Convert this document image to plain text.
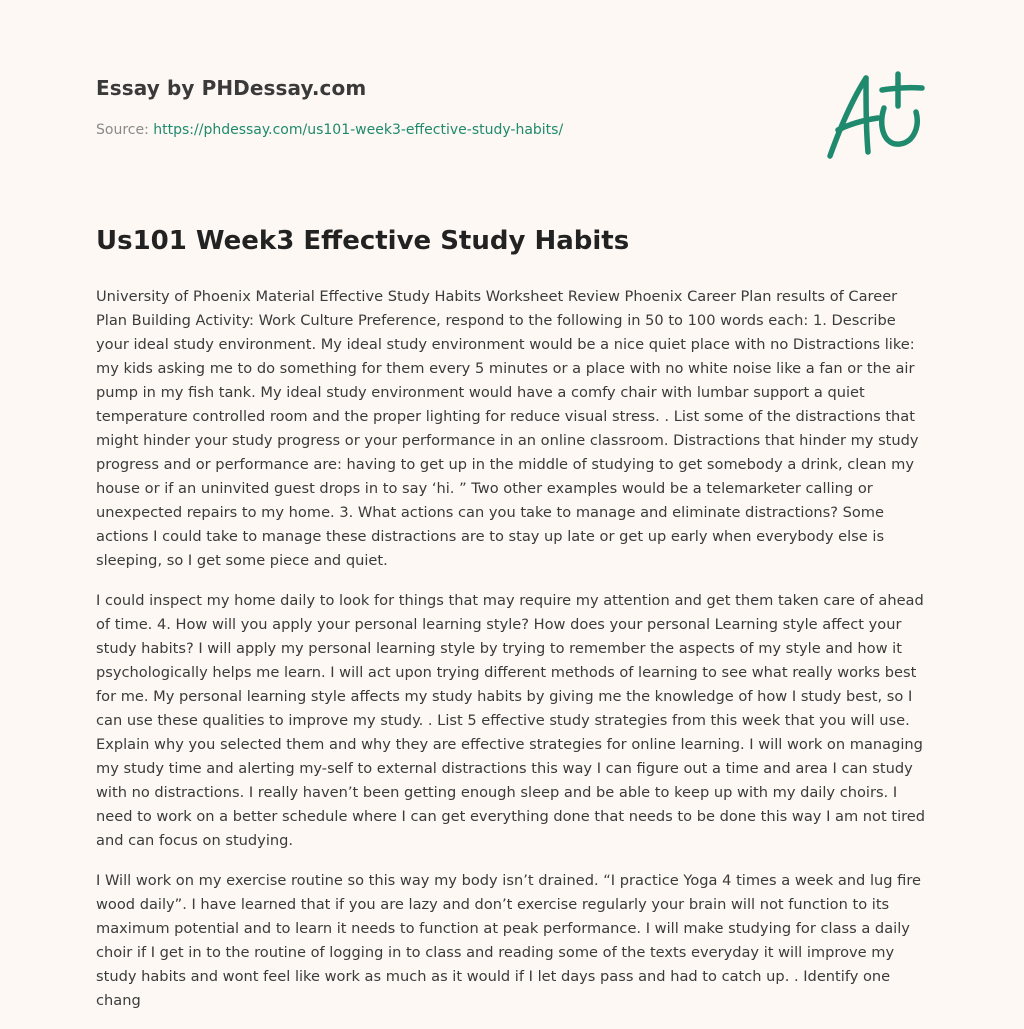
Essay by PHDessay.com
Source: https://phdessay.com/us101-week3-effective-study-habits/
Us101 Week3 Effective Study Habits

University of Phoenix Material Effective Study Habits Worksheet Review Phoenix Career Plan results of Career Plan Building Activity: Work Culture Preference, respond to the following in 50 to 100 words each: 1. Describe your ideal study environment. My ideal study environment would be a nice quiet place with no Distractions like: my kids asking me to do something for them every 5 minutes or a place with no white noise like a fan or the air pump in my fish tank. My ideal study environment would have a comfy chair with lumbar support a quiet temperature controlled room and the proper lighting for reduce visual stress. . List some of the distractions that might hinder your study progress or your performance in an online classroom. Distractions that hinder my study progress and or performance are: having to get up in the middle of studying to get somebody a drink, clean my house or if an uninvited guest drops in to say ‘hi. ” Two other examples would be a telemarketer calling or unexpected repairs to my home. 3. What actions can you take to manage and eliminate distractions? Some actions I could take to manage these distractions are to stay up late or get up early when everybody else is sleeping, so I get some piece and quiet.

I could inspect my home daily to look for things that may require my attention and get them taken care of ahead of time. 4. How will you apply your personal learning style? How does your personal Learning style affect your study habits? I will apply my personal learning style by trying to remember the aspects of my style and how it psychologically helps me learn. I will act upon trying different methods of learning to see what really works best for me. My personal learning style affects my study habits by giving me the knowledge of how I study best, so I can use these qualities to improve my study. . List 5 effective study strategies from this week that you will use. Explain why you selected them and why they are effective strategies for online learning. I will work on managing my study time and alerting my-self to external distractions this way I can figure out a time and area I can study with no distractions. I really haven’t been getting enough sleep and be able to keep up with my daily choirs. I need to work on a better schedule where I can get everything done that needs to be done this way I am not tired and can focus on studying.

I Will work on my exercise routine so this way my body isn’t drained. “I practice Yoga 4 times a week and lug fire wood daily”. I have learned that if you are lazy and don’t exercise regularly your brain will not function to its maximum potential and to learn it needs to function at peak performance. I will make studying for class a daily choir if I get in to the routine of logging in to class and reading some of the texts everyday it will improve my study habits and wont feel like work as much as it would if I let days pass and had to catch up. . Identify one chang
